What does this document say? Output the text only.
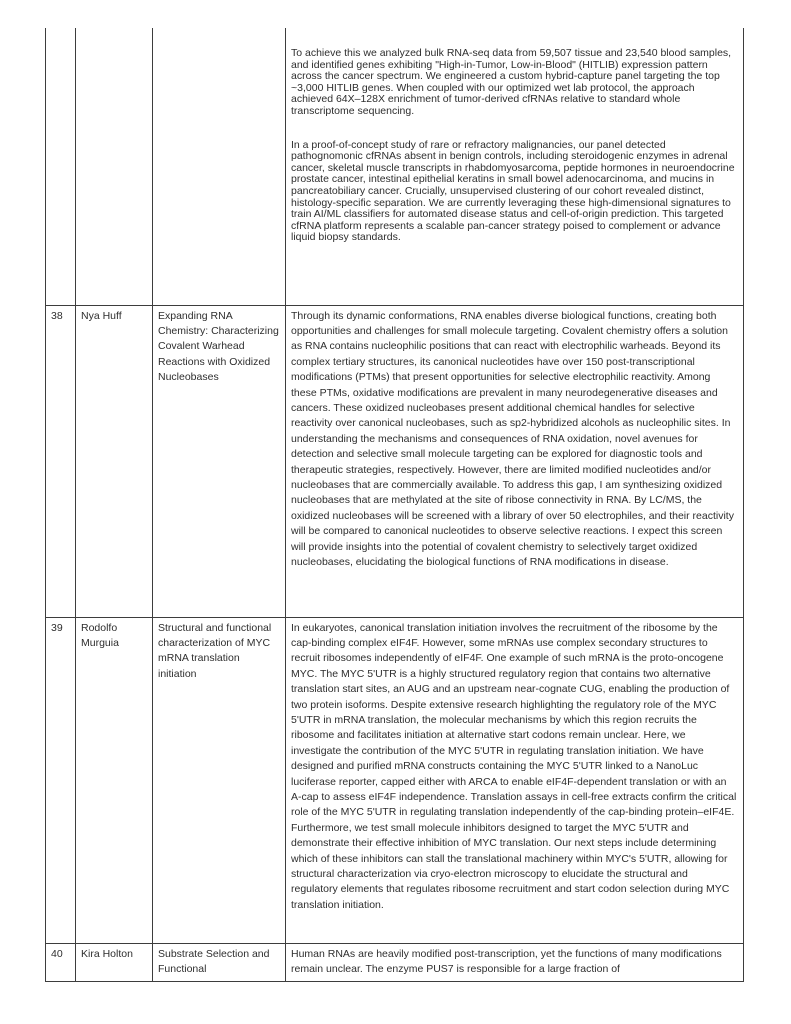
			To achieve this we analyzed bulk RNA-seq data from 59,507 tissue and 23,540 blood samples, and identified genes exhibiting "High-in-Tumor, Low-in-Blood" (HITLIB) expression pattern across the cancer spectrum. We engineered a custom hybrid-capture panel targeting the top ~3,000 HITLIB genes. When coupled with our optimized wet lab protocol, the approach achieved 64X–128X enrichment of tumor-derived cfRNAs relative to standard whole transcriptome sequencing.

In a proof-of-concept study of rare or refractory malignancies, our panel detected pathognomonic cfRNAs absent in benign controls, including steroidogenic enzymes in adrenal cancer, skeletal muscle transcripts in rhabdomyosarcoma, peptide hormones in neuroendocrine prostate cancer, intestinal epithelial keratins in small bowel adenocarcinoma, and mucins in pancreatobiliary cancer. Crucially, unsupervised clustering of our cohort revealed distinct, histology-specific separation. We are currently leveraging these high-dimensional signatures to train AI/ML classifiers for automated disease status and cell-of-origin prediction. This targeted cfRNA platform represents a scalable pan-cancer strategy poised to complement or advance liquid biopsy standards.

38	Nya Huff	Expanding RNA Chemistry: Characterizing Covalent Warhead Reactions with Oxidized Nucleobases	Through its dynamic conformations, RNA enables diverse biological functions, creating both opportunities and challenges for small molecule targeting. Covalent chemistry offers a solution as RNA contains nucleophilic positions that can react with electrophilic warheads. Beyond its complex tertiary structures, its canonical nucleotides have over 150 post-transcriptional modifications (PTMs) that present opportunities for selective electrophilic reactivity. Among these PTMs, oxidative modifications are prevalent in many neurodegenerative diseases and cancers. These oxidized nucleobases present additional chemical handles for selective reactivity over canonical nucleobases, such as sp2-hybridized alcohols as nucleophilic sites. In understanding the mechanisms and consequences of RNA oxidation, novel avenues for detection and selective small molecule targeting can be explored for diagnostic tools and therapeutic strategies, respectively. However, there are limited modified nucleotides and/or nucleobases that are commercially available. To address this gap, I am synthesizing oxidized nucleobases that are methylated at the site of ribose connectivity in RNA. By LC/MS, the oxidized nucleobases will be screened with a library of over 50 electrophiles, and their reactivity will be compared to canonical nucleotides to observe selective reactions. I expect this screen will provide insights into the potential of covalent chemistry to selectively target oxidized nucleobases, elucidating the biological functions of RNA modifications in disease.

39	Rodolfo Murguia	Structural and functional characterization of MYC mRNA translation initiation	In eukaryotes, canonical translation initiation involves the recruitment of the ribosome by the cap-binding complex eIF4F. However, some mRNAs use complex secondary structures to recruit ribosomes independently of eIF4F. One example of such mRNA is the proto-oncogene MYC. The MYC 5'UTR is a highly structured regulatory region that contains two alternative translation start sites, an AUG and an upstream near-cognate CUG, enabling the production of two protein isoforms. Despite extensive research highlighting the regulatory role of the MYC 5'UTR in mRNA translation, the molecular mechanisms by which this region recruits the ribosome and facilitates initiation at alternative start codons remain unclear. Here, we investigate the contribution of the MYC 5'UTR in regulating translation initiation. We have designed and purified mRNA constructs containing the MYC 5'UTR linked to a NanoLuc luciferase reporter, capped either with ARCA to enable eIF4F-dependent translation or with an A-cap to assess eIF4F independence. Translation assays in cell-free extracts confirm the critical role of the MYC 5'UTR in regulating translation independently of the cap-binding protein–eIF4E. Furthermore, we test small molecule inhibitors designed to target the MYC 5'UTR and demonstrate their effective inhibition of MYC translation. Our next steps include determining which of these inhibitors can stall the translational machinery within MYC's 5'UTR, allowing for structural characterization via cryo-electron microscopy to elucidate the structural and regulatory elements that regulates ribosome recruitment and start codon selection during MYC translation initiation.

40	Kira Holton	Substrate Selection and Functional	Human RNAs are heavily modified post-transcription, yet the functions of many modifications remain unclear. The enzyme PUS7 is responsible for a large fraction of
